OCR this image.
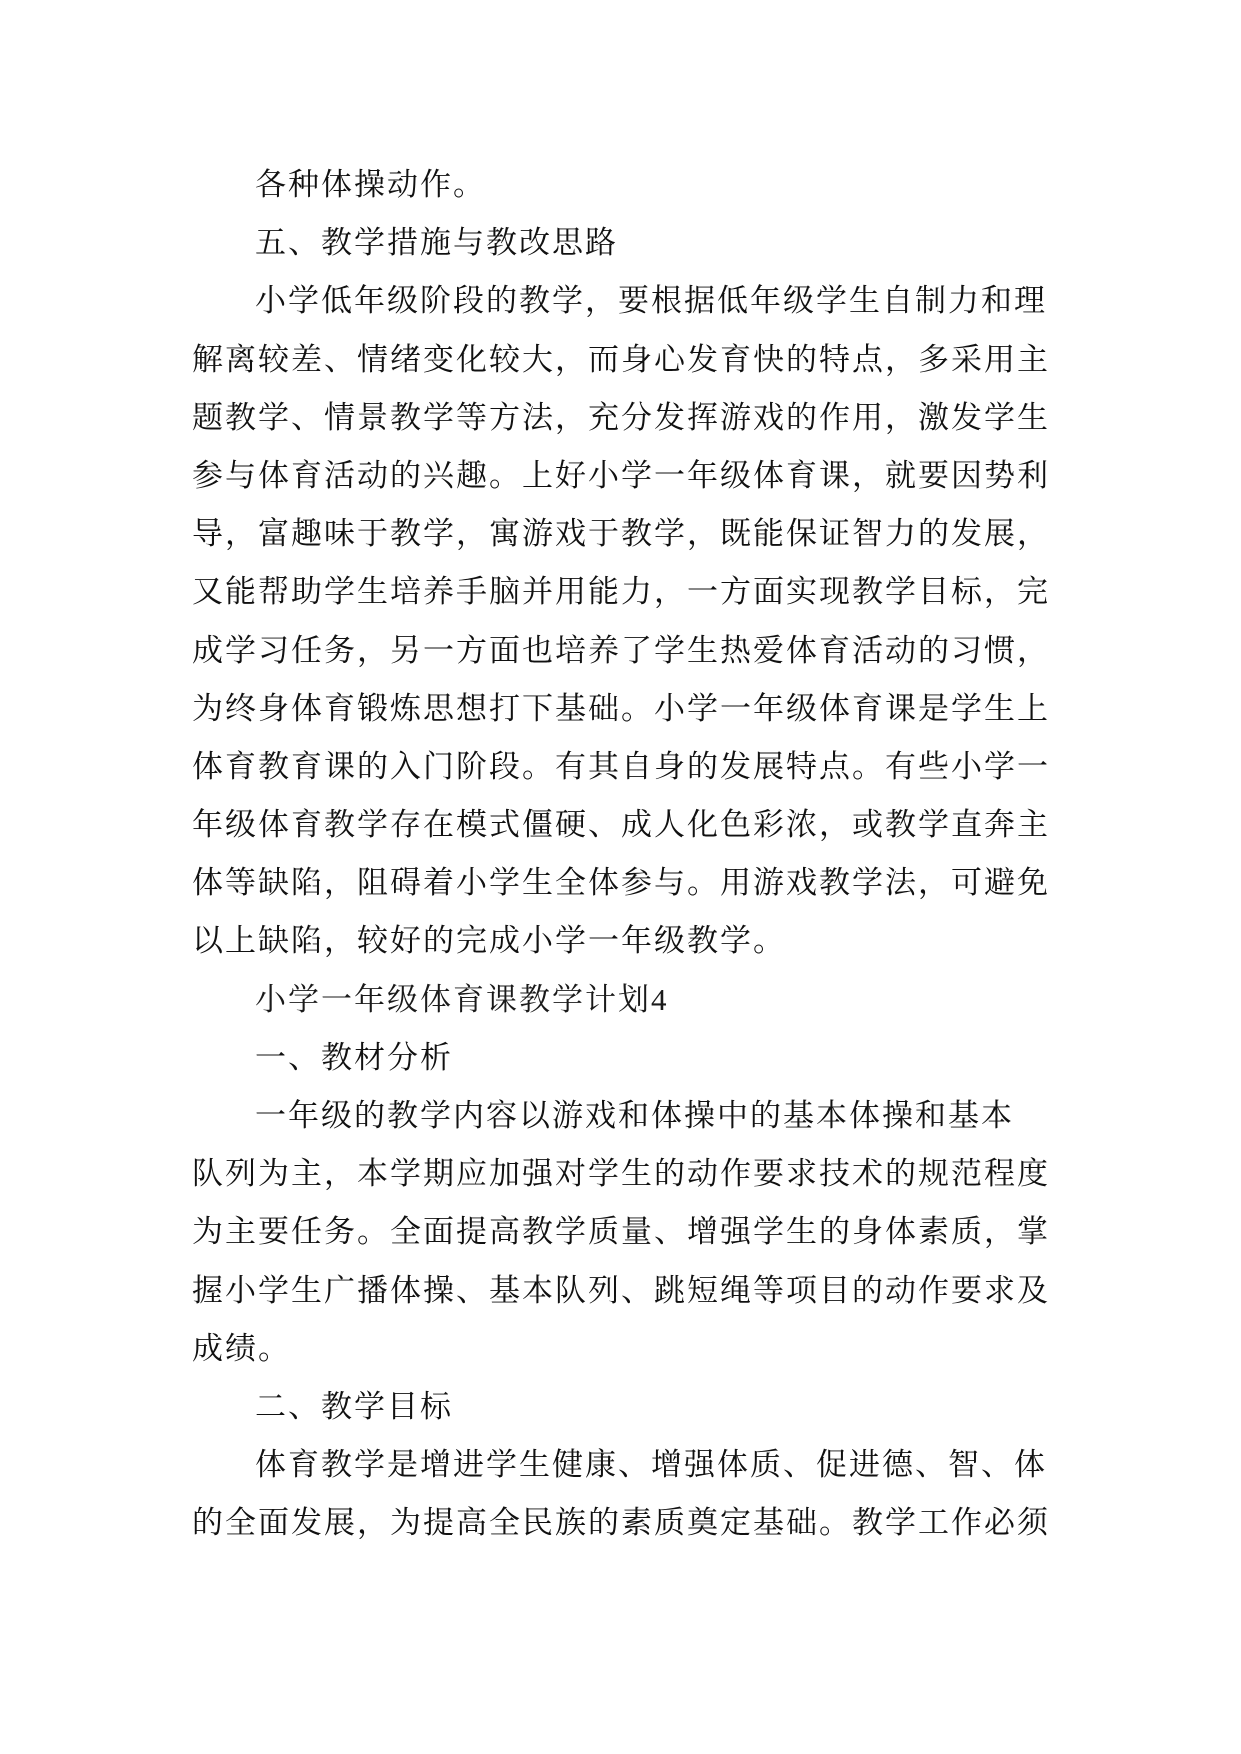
各种体操动作。
五、教学措施与教改思路
小学低年级阶段的教学，要根据低年级学生自制力和理
解离较差、情绪变化较大，而身心发育快的特点，多采用主
题教学、情景教学等方法，充分发挥游戏的作用，激发学生
参与体育活动的兴趣。上好小学一年级体育课，就要因势利
导，富趣味于教学，寓游戏于教学，既能保证智力的发展，
又能帮助学生培养手脑并用能力，一方面实现教学目标，完
成学习任务，另一方面也培养了学生热爱体育活动的习惯，
为终身体育锻炼思想打下基础。小学一年级体育课是学生上
体育教育课的入门阶段。有其自身的发展特点。有些小学一
年级体育教学存在模式僵硬、成人化色彩浓，或教学直奔主
体等缺陷，阻碍着小学生全体参与。用游戏教学法，可避免
以上缺陷，较好的完成小学一年级教学。
小学一年级体育课教学计划4
一、教材分析
一年级的教学内容以游戏和体操中的基本体操和基本
队列为主，本学期应加强对学生的动作要求技术的规范程度
为主要任务。全面提高教学质量、增强学生的身体素质，掌
握小学生广播体操、基本队列、跳短绳等项目的动作要求及
成绩。
二、教学目标
体育教学是增进学生健康、增强体质、促进德、智、体
的全面发展，为提高全民族的素质奠定基础。教学工作必须
